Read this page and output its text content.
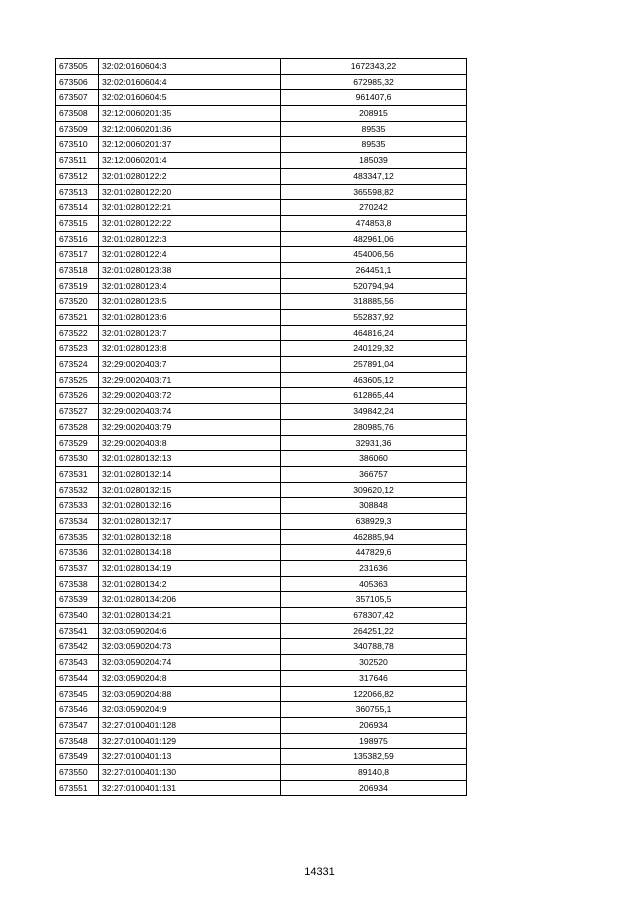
673505	32:02:0160604:3	1672343,22
673506	32:02:0160604:4	672985,32
673507	32:02:0160604:5	961407,6
673508	32:12:0060201:35	208915
673509	32:12:0060201:36	89535
673510	32:12:0060201:37	89535
673511	32:12:0060201:4	185039
673512	32:01:0280122:2	483347,12
673513	32:01:0280122:20	365598,82
673514	32:01:0280122:21	270242
673515	32:01:0280122:22	474853,8
673516	32:01:0280122:3	482961,06
673517	32:01:0280122:4	454006,56
673518	32:01:0280123:38	264451,1
673519	32:01:0280123:4	520794,94
673520	32:01:0280123:5	318885,56
673521	32:01:0280123:6	552837,92
673522	32:01:0280123:7	464816,24
673523	32:01:0280123:8	240129,32
673524	32:29:0020403:7	257891,04
673525	32:29:0020403:71	463605,12
673526	32:29:0020403:72	612865,44
673527	32:29:0020403:74	349842,24
673528	32:29:0020403:79	280985,76
673529	32:29:0020403:8	32931,36
673530	32:01:0280132:13	386060
673531	32:01:0280132:14	366757
673532	32:01:0280132:15	309620,12
673533	32:01:0280132:16	308848
673534	32:01:0280132:17	638929,3
673535	32:01:0280132:18	462885,94
673536	32:01:0280134:18	447829,6
673537	32:01:0280134:19	231636
673538	32:01:0280134:2	405363
673539	32:01:0280134:206	357105,5
673540	32:01:0280134:21	678307,42
673541	32:03:0590204:6	264251,22
673542	32:03:0590204:73	340788,78
673543	32:03:0590204:74	302520
673544	32:03:0590204:8	317646
673545	32:03:0590204:88	122066,82
673546	32:03:0590204:9	360755,1
673547	32:27:0100401:128	206934
673548	32:27:0100401:129	198975
673549	32:27:0100401:13	135382,59
673550	32:27:0100401:130	89140,8
673551	32:27:0100401:131	206934
14331
